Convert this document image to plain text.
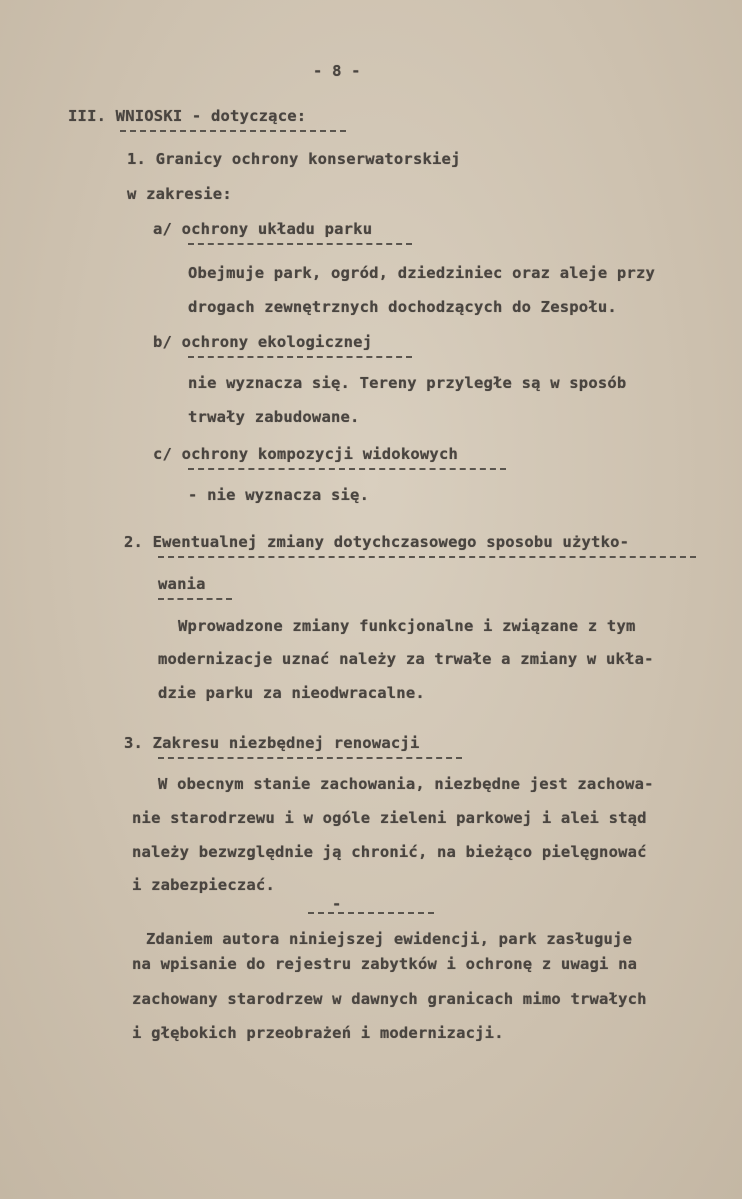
- 8 -
III. WNIOSKI - dotyczące:
1. Granicy ochrony konserwatorskiej
w zakresie:
a/ ochrony układu parku
Obejmuje park, ogród, dziedziniec oraz aleje przy
drogach zewnętrznych dochodzących do Zespołu.
b/ ochrony ekologicznej
nie wyznacza się. Tereny przyległe są w sposób
trwały zabudowane.
c/ ochrony kompozycji widokowych
- nie wyznacza się.
2. Ewentualnej zmiany dotychczasowego sposobu użytko-
wania
Wprowadzone zmiany funkcjonalne i związane z tym
modernizacje uznać należy za trwałe a zmiany w ukła-
dzie parku za nieodwracalne.
3. Zakresu niezbędnej renowacji
W obecnym stanie zachowania, niezbędne jest zachowa-
nie starodrzewu i w ogóle zieleni parkowej i alei stąd
należy bezwzględnie ją chronić, na bieżąco pielęgnować
i zabezpieczać.
-
Zdaniem autora niniejszej ewidencji, park zasługuje
na wpisanie do rejestru zabytków i ochronę z uwagi na
zachowany starodrzew w dawnych granicach mimo trwałych
i głębokich przeobrażeń i modernizacji.
